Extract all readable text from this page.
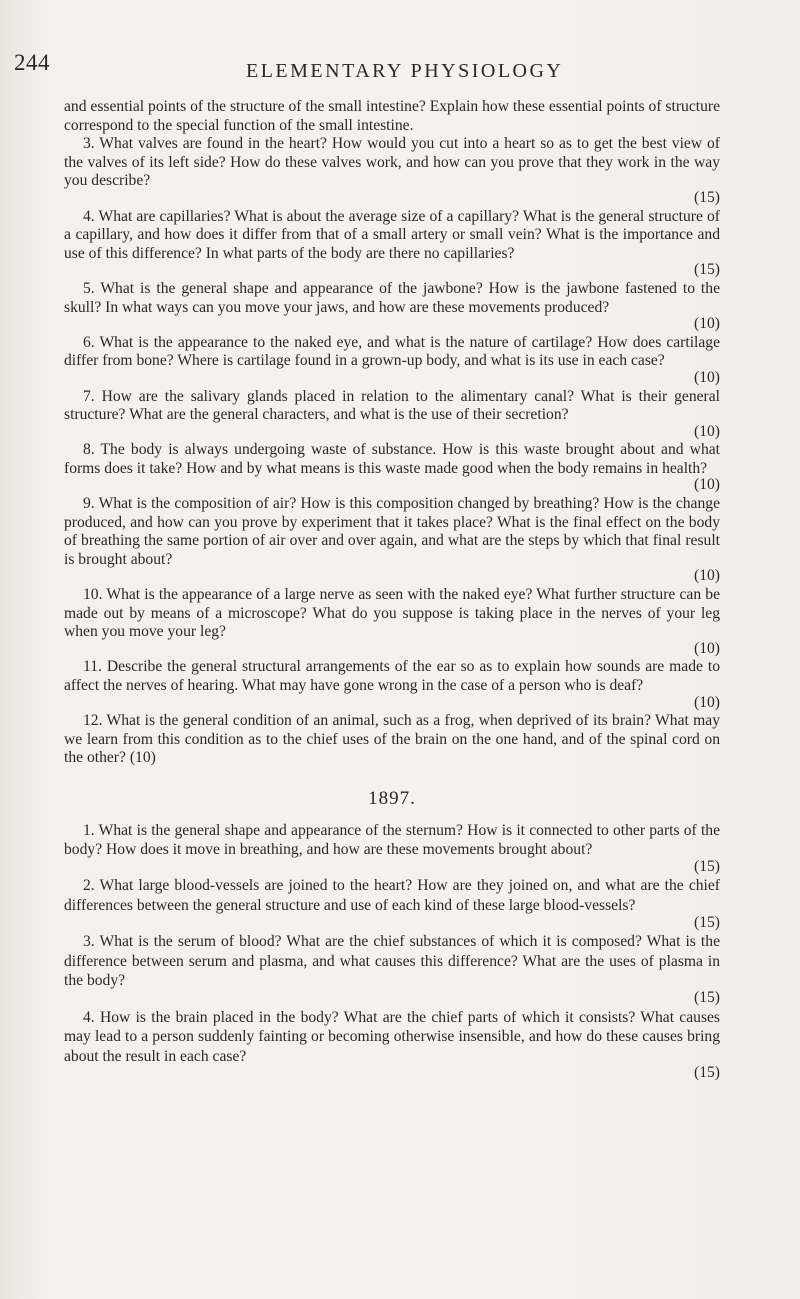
244	ELEMENTARY PHYSIOLOGY

and essential points of the structure of the small intestine? Explain how these essential points of structure correspond to the special function of the small intestine.

3. What valves are found in the heart? How would you cut into a heart so as to get the best view of the valves of its left side? How do these valves work, and how can you prove that they work in the way you describe?

(15)

4. What are capillaries? What is about the average size of a capillary? What is the general structure of a capillary, and how does it differ from that of a small artery or small vein? What is the importance and use of this difference? In what parts of the body are there no capillaries?

(15)

5. What is the general shape and appearance of the jawbone? How is the jawbone fastened to the skull? In what ways can you move your jaws, and how are these movements produced?

(10)

6. What is the appearance to the naked eye, and what is the nature of cartilage? How does cartilage differ from bone? Where is cartilage found in a grown-up body, and what is its use in each case?

(10)

7. How are the salivary glands placed in relation to the alimentary canal? What is their general structure? What are the general characters, and what is the use of their secretion?

(10)

8. The body is always undergoing waste of substance. How is this waste brought about and what forms does it take? How and by what means is this waste made good when the body remains in health?

(10)

9. What is the composition of air? How is this composition changed by breathing? How is the change produced, and how can you prove by experiment that it takes place? What is the final effect on the body of breathing the same portion of air over and over again, and what are the steps by which that final result is brought about?

(10)

10. What is the appearance of a large nerve as seen with the naked eye? What further structure can be made out by means of a microscope? What do you suppose is taking place in the nerves of your leg when you move your leg?

(10)

11. Describe the general structural arrangements of the ear so as to explain how sounds are made to affect the nerves of hearing. What may have gone wrong in the case of a person who is deaf?

(10)

12. What is the general condition of an animal, such as a frog, when deprived of its brain? What may we learn from this condition as to the chief uses of the brain on the one hand, and of the spinal cord on the other? (10)

1897.

1. What is the general shape and appearance of the sternum? How is it connected to other parts of the body? How does it move in breathing, and how are these movements brought about?

(15)

2. What large blood-vessels are joined to the heart? How are they joined on, and what are the chief differences between the general structure and use of each kind of these large blood-vessels?

(15)

3. What is the serum of blood? What are the chief substances of which it is composed? What is the difference between serum and plasma, and what causes this difference? What are the uses of plasma in the body?

(15)

4. How is the brain placed in the body? What are the chief parts of which it consists? What causes may lead to a person suddenly fainting or becoming otherwise insensible, and how do these causes bring about the result in each case?

(15)
